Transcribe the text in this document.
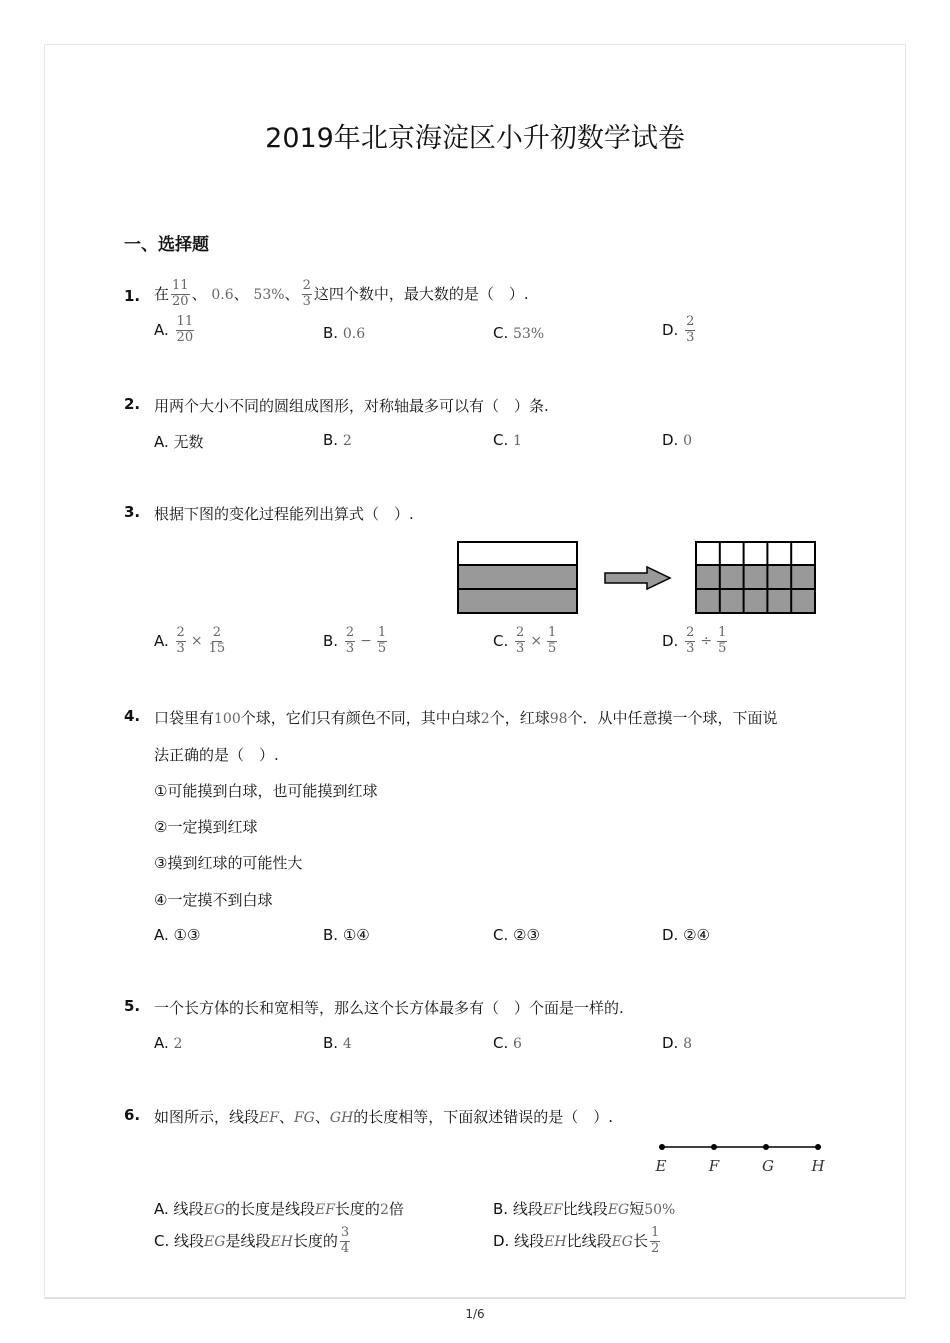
2019年北京海淀区小升初数学试卷
一、选择题
1. 在 $\frac{11}{20}$ 、 0.6、 53%、 $\frac{2}{3}$ 这四个数中，最大数的是（　）.
A. $\frac{11}{20}$	B. 0.6	C. 53%	D. $\frac{2}{3}$
2. 用两个大小不同的圆组成图形，对称轴最多可以有（　）条.
A. 无数	B. 2	C. 1	D. 0
3. 根据下图的变化过程能列出算式（　）.
A. $\frac{2}{3} \times \frac{2}{15}$	B. $\frac{2}{3} - \frac{1}{5}$	C. $\frac{2}{3} \times \frac{1}{5}$	D. $\frac{2}{3} \div \frac{1}{5}$
4. 口袋里有100个球，它们只有颜色不同，其中白球2个，红球98个．从中任意摸一个球，下面说
法正确的是（　）.
①可能摸到白球，也可能摸到红球
②一定摸到红球
③摸到红球的可能性大
④一定摸不到白球
A. ①③	B. ①④	C. ②③	D. ②④
5. 一个长方体的长和宽相等，那么这个长方体最多有（　）个面是一样的.
A. 2	B. 4	C. 6	D. 8
6. 如图所示，线段EF、FG、GH的长度相等，下面叙述错误的是（　）.
E	F	G H
A. 线段EG的长度是线段EF长度的2倍	B. 线段EF比线段EG短50%
C. 线段EG是线段EH长度的 $\frac{3}{4}$	D. 线段EH比线段EG长 $\frac{1}{2}$
1/6
